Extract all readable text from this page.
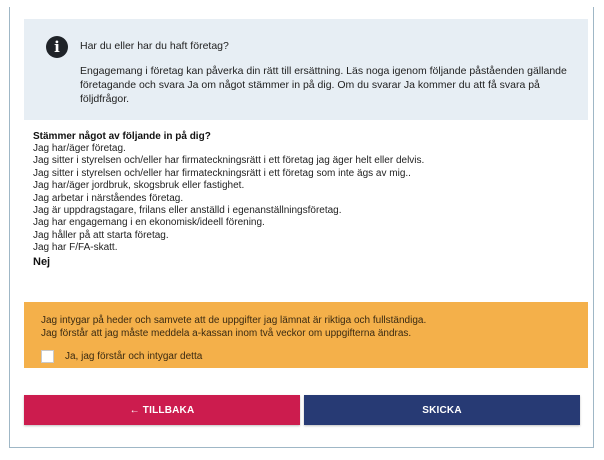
i	Har du eller har du haft företag?
Engagemang i företag kan påverka din rätt till ersättning. Läs noga igenom följande påståenden gällande företagande och svara Ja om något stämmer in på dig. Om du svarar Ja kommer du att få svara på följdfrågor.
Stämmer något av följande in på dig?
Jag har/äger företag.
Jag sitter i styrelsen och/eller har firmateckningsrätt i ett företag jag äger helt eller delvis.
Jag sitter i styrelsen och/eller har firmateckningsrätt i ett företag som inte ägs av mig..
Jag har/äger jordbruk, skogsbruk eller fastighet.
Jag arbetar i närståendes företag.
Jag är uppdragstagare, frilans eller anställd i egenanställningsföretag.
Jag har engagemang i en ekonomisk/ideell förening.
Jag håller på att starta företag.
Jag har F/FA-skatt.
Nej
Jag intygar på heder och samvete att de uppgifter jag lämnat är riktiga och fullständiga.
Jag förstår att jag måste meddela a-kassan inom två veckor om uppgifterna ändras.
Ja, jag förstår och intygar detta
← TILLBAKA	SKICKA
